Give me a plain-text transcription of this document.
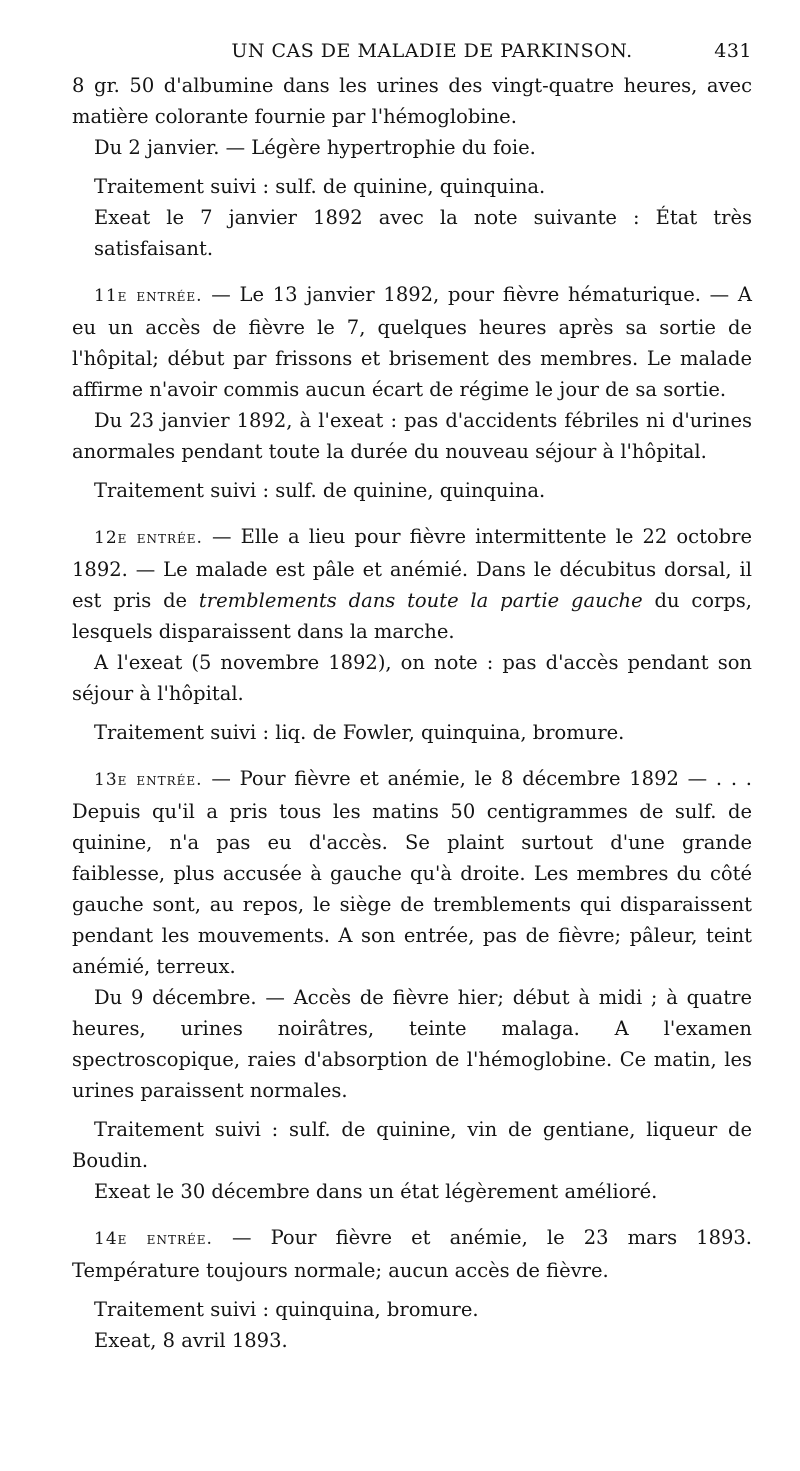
UN CAS DE MALADIE DE PARKINSON.	431

8 gr. 50 d'albumine dans les urines des vingt-quatre heures, avec matière colorante fournie par l'hémoglobine.

Du 2 janvier. — Légère hypertrophie du foie.

Traitement suivi : sulf. de quinine, quinquina.

Exeat le 7 janvier 1892 avec la note suivante : État très satisfaisant.

11e entrée. — Le 13 janvier 1892, pour fièvre hématurique. — A eu un accès de fièvre le 7, quelques heures après sa sortie de l'hôpital; début par frissons et brisement des membres. Le malade affirme n'avoir commis aucun écart de régime le jour de sa sortie.

Du 23 janvier 1892, à l'exeat : pas d'accidents fébriles ni d'urines anormales pendant toute la durée du nouveau séjour à l'hôpital.

Traitement suivi : sulf. de quinine, quinquina.

12e entrée. — Elle a lieu pour fièvre intermittente le 22 octobre 1892. — Le malade est pâle et anémié. Dans le décubitus dorsal, il est pris de tremblements dans toute la partie gauche du corps, lesquels disparaissent dans la marche.

A l'exeat (5 novembre 1892), on note : pas d'accès pendant son séjour à l'hôpital.

Traitement suivi : liq. de Fowler, quinquina, bromure.

13e entrée. — Pour fièvre et anémie, le 8 décembre 1892 — . . . Depuis qu'il a pris tous les matins 50 centigrammes de sulf. de quinine, n'a pas eu d'accès. Se plaint surtout d'une grande faiblesse, plus accusée à gauche qu'à droite. Les membres du côté gauche sont, au repos, le siège de tremblements qui disparaissent pendant les mouvements. A son entrée, pas de fièvre; pâleur, teint anémié, terreux.

Du 9 décembre. — Accès de fièvre hier; début à midi ; à quatre heures, urines noirâtres, teinte malaga. A l'examen spectroscopique, raies d'absorption de l'hémoglobine. Ce matin, les urines paraissent normales.

Traitement suivi : sulf. de quinine, vin de gentiane, liqueur de Boudin.

Exeat le 30 décembre dans un état légèrement amélioré.

14e entrée. — Pour fièvre et anémie, le 23 mars 1893. Température toujours normale; aucun accès de fièvre.

Traitement suivi : quinquina, bromure.

Exeat, 8 avril 1893.
